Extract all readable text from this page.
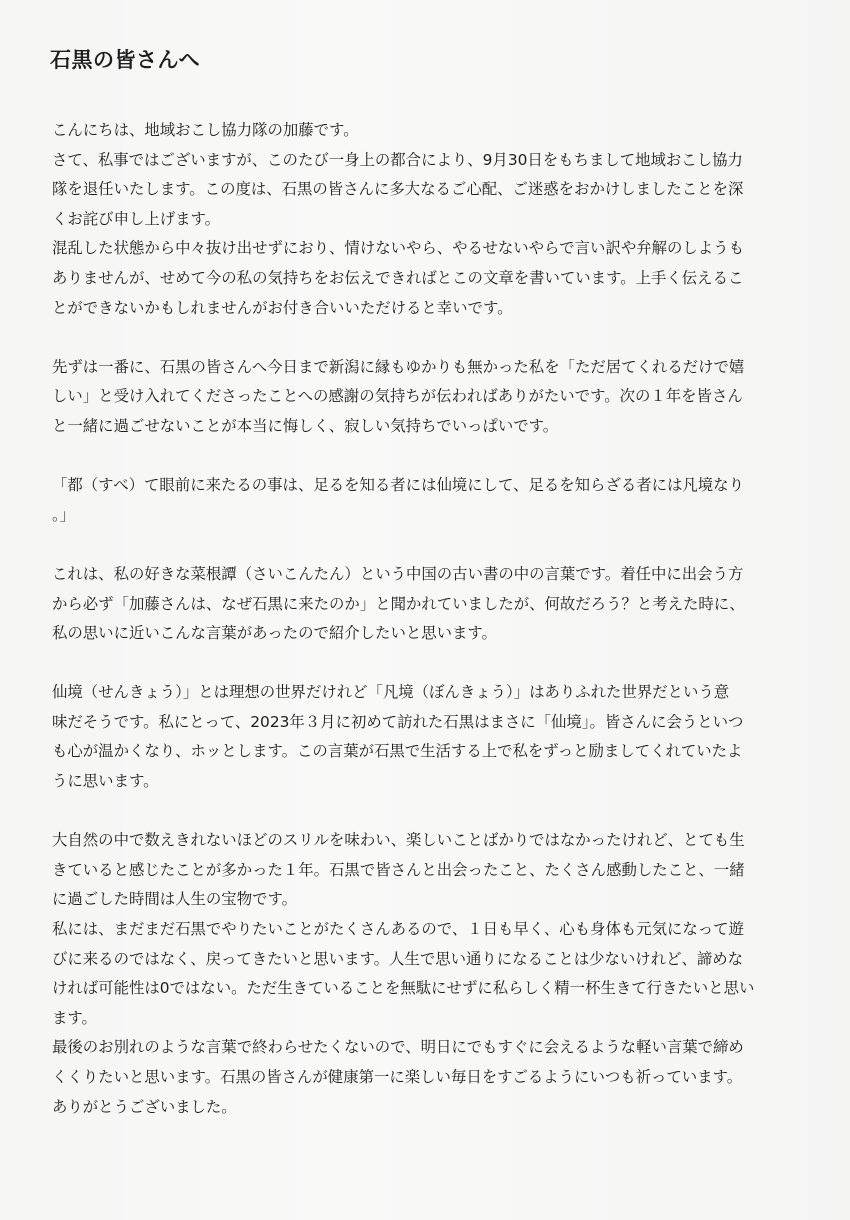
石黒の皆さんへ

こんにちは、地域おこし協力隊の加藤です。

さて、私事ではございますが、このたび一身上の都合により、9月30日をもちまして地域おこし協力
隊を退任いたします。この度は、石黒の皆さんに多大なるご心配、ご迷惑をおかけしましたことを深
くお詫び申し上げます。

混乱した状態から中々抜け出せずにおり、情けないやら、やるせないやらで言い訳や弁解のしようも
ありませんが、せめて今の私の気持ちをお伝えできればとこの文章を書いています。上手く伝えるこ
とができないかもしれませんがお付き合いいただけると幸いです。

先ずは一番に、石黒の皆さんへ今日まで新潟に縁もゆかりも無かった私を「ただ居てくれるだけで嬉
しい」と受け入れてくださったことへの感謝の気持ちが伝わればありがたいです。次の１年を皆さん
と一緒に過ごせないことが本当に悔しく、寂しい気持ちでいっぱいです。

「都（すべ）て眼前に来たるの事は、足るを知る者には仙境にして、足るを知らざる者には凡境なり
。」

これは、私の好きな菜根譚（さいこんたん）という中国の古い書の中の言葉です。着任中に出会う方
から必ず「加藤さんは、なぜ石黒に来たのか」と聞かれていましたが、何故だろう？と考えた時に、
私の思いに近いこんな言葉があったので紹介したいと思います。

仙境（せんきょう）」とは理想の世界だけれど「凡境（ぼんきょう）」はありふれた世界だという意
味だそうです。私にとって、2023年３月に初めて訪れた石黒はまさに「仙境」。皆さんに会うといつ
も心が温かくなり、ホッとします。この言葉が石黒で生活する上で私をずっと励ましてくれていたよ
うに思います。

大自然の中で数えきれないほどのスリルを味わい、楽しいことばかりではなかったけれど、とても生
きていると感じたことが多かった１年。石黒で皆さんと出会ったこと、たくさん感動したこと、一緒
に過ごした時間は人生の宝物です。

私には、まだまだ石黒でやりたいことがたくさんあるので、１日も早く、心も身体も元気になって遊
びに来るのではなく、戻ってきたいと思います。人生で思い通りになることは少ないけれど、諦めな
ければ可能性は0ではない。ただ生きていることを無駄にせずに私らしく精一杯生きて行きたいと思い
ます。

最後のお別れのような言葉で終わらせたくないので、明日にでもすぐに会えるような軽い言葉で締め
くくりたいと思います。石黒の皆さんが健康第一に楽しい毎日をすごるようにいつも祈っています。
ありがとうございました。
